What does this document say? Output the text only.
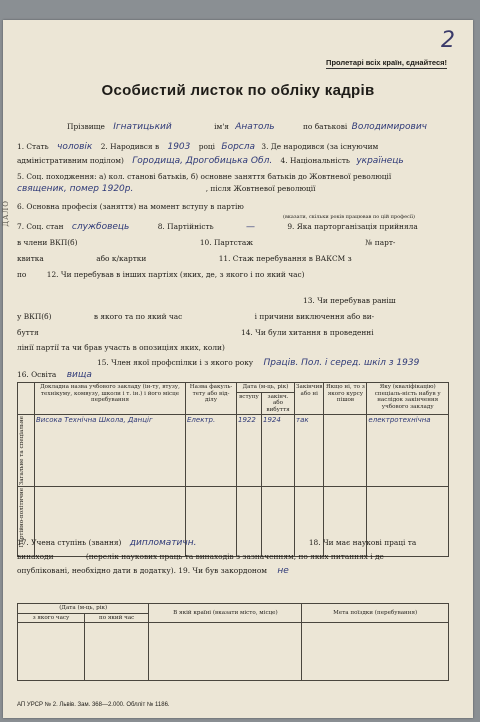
2
Пролетарі всіх країн, єднайтеся!
Особистий листок по обліку кадрів
ДАЛО
Прізвище Ігнатицький	ім'я Анатоль	по батькові Володимирович
1. Стать чоловік 2. Народився в 1903 році Борсла 3. Де народився (за існуючим
адміністративним поділом) Городища, Дрогобицька Обл. 4. Національність українець
5. Соц. походження: а) кол. станові батьків, б) основне заняття батьків до Жовтневої революції
священик, помер 1920р.	, після Жовтневої революції
6. Основна професія (заняття) на момент вступу в партію
(вказати, скільки років працював по цій професії)
7. Соц. стан службовець	8. Партійність	—	9. Яка парторганізація прийняла
в члени ВКП(б)	10. Партстаж	№ парт-
квитка	або к/картки	11. Стаж перебування в ВАКСМ з
по	12. Чи перебував в інших партіях (яких, де, з якого і по який час)
13. Чи перебував раніш
у ВКП(б)	в якого та по який час	і причини виключення або ви-
буття	14. Чи були хитання в проведенні
лінії партії та чи брав участь в опозиціях яких, коли)
15. Член якої профспілки і з якого року Праців. Пол. і серед. шкіл з 1939
16. Освіта вища
	Докладна назва учбового закладу (ін-ту, втузу, технікуму, комвузу, школи і т. ін.) і його місце перебування	Назва факуль-тету або від-ділу	Дата (м-ць, рік)		Закінчив або ні	Якщо ні, то з якого курсу пішов	Яку (кваліфікацію) спеціаль-ність набув у наслідок закінчення учбового закладу
			вступу	закінч. або вибуття			

Загальне та спеціальне	Висока Технічна Школа, Данціг	Електр.	1922	1924	так		електротехнічна

Партійно-політичне							

17. Учена ступінь (звання) дипломатичн.	18. Чи має наукові праці та
винаходи	(перелік наукових праць та винаходів з зазначенням, по яких питаннях і де
опубліковані, необхідно дати в додатку). 19. Чи був закордоном не
(Дата (м-ць, рік)		В якій країні (вказати місто, місце)	Мета поїздки (перебування)
з якого часу	по який час		

АП УРСР № 2. Львів. Зам. 368—2.000. Обллiт № 1186.
